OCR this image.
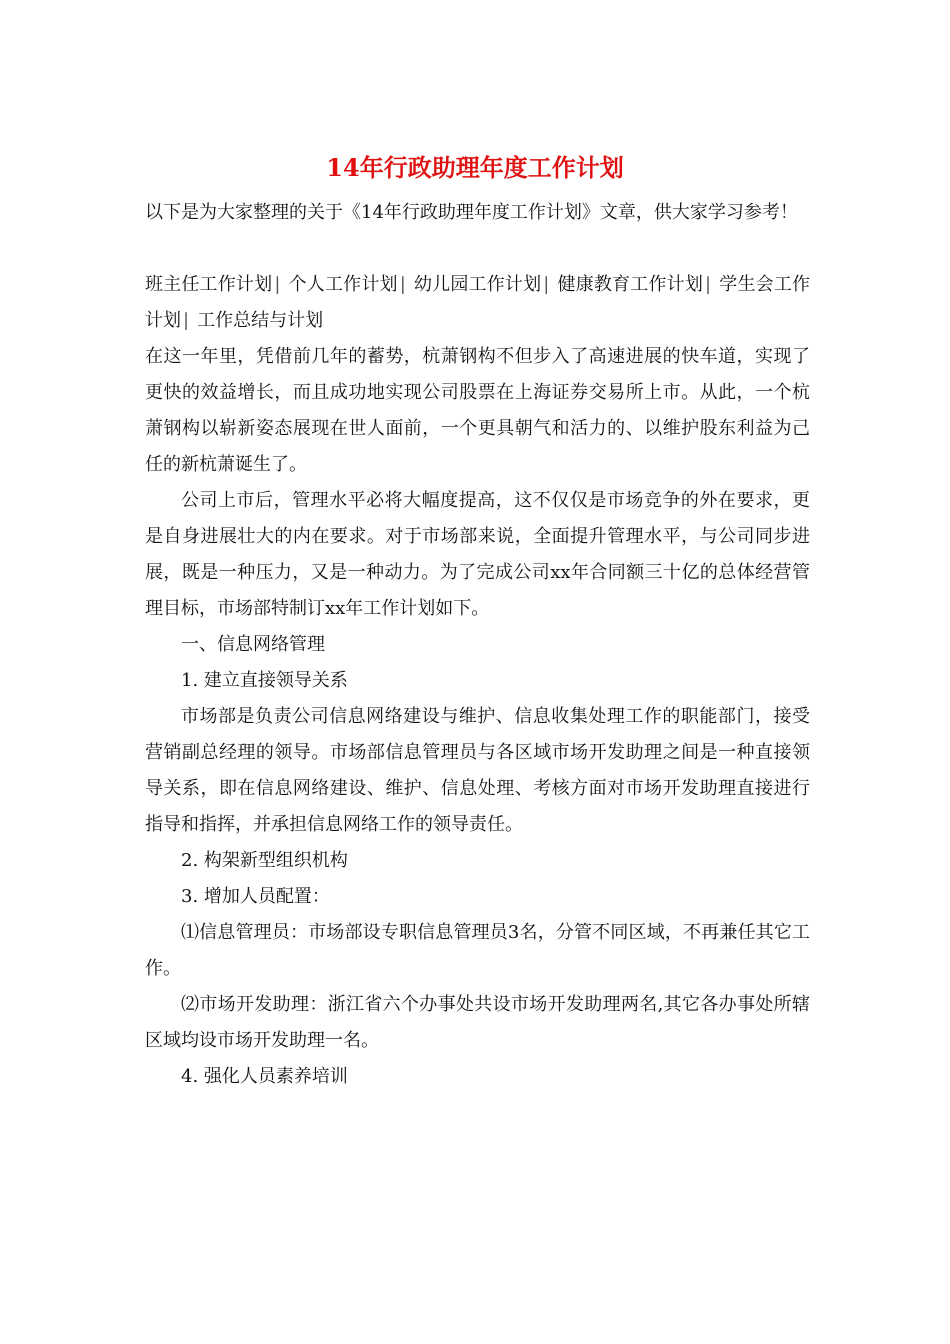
14年行政助理年度工作计划

以下是为大家整理的关于《14年行政助理年度工作计划》文章，供大家学习参考！

班主任工作计划 | 个人工作计划 | 幼儿园工作计划 | 健康教育工作计划 | 学生会工作计划 | 工作总结与计划

在这一年里，凭借前几年的蓄势，杭萧钢构不但步入了高速进展的快车道，实现了更快的效益增长，而且成功地实现公司股票在上海证券交易所上市。从此，一个杭萧钢构以崭新姿态展现在世人面前，一个更具朝气和活力的、以维护股东利益为己任的新杭萧诞生了。

公司上市后，管理水平必将大幅度提高，这不仅仅是市场竞争的外在要求，更是自身进展壮大的内在要求。对于市场部来说，全面提升管理水平，与公司同步进展，既是一种压力，又是一种动力。为了完成公司xx年合同额三十亿的总体经营管理目标，市场部特制订xx年工作计划如下。

一、信息网络管理

1. 建立直接领导关系

市场部是负责公司信息网络建设与维护、信息收集处理工作的职能部门，接受营销副总经理的领导。市场部信息管理员与各区域市场开发助理之间是一种直接领导关系，即在信息网络建设、维护、信息处理、考核方面对市场开发助理直接进行指导和指挥，并承担信息网络工作的领导责任。

2. 构架新型组织机构

3. 增加人员配置：

⑴信息管理员：市场部设专职信息管理员3名，分管不同区域，不再兼任其它工作。

⑵市场开发助理：浙江省六个办事处共设市场开发助理两名,其它各办事处所辖区域均设市场开发助理一名。

4. 强化人员素养培训
